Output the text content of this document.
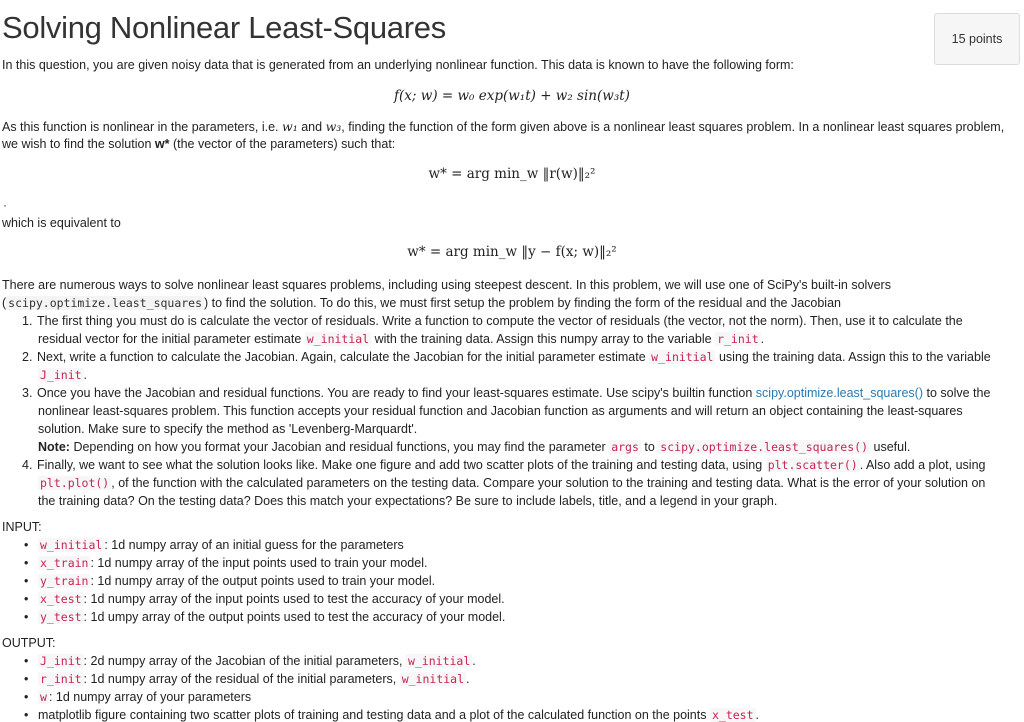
Solving Nonlinear Least-Squares	15 points
In this question, you are given noisy data that is generated from an underlying nonlinear function. This data is known to have the following form:
f(x; w) = w₀ exp(w₁t) + w₂ sin(w₃t)
As this function is nonlinear in the parameters, i.e. w₁ and w₃, finding the function of the form given above is a nonlinear least squares problem. In a nonlinear least squares problem,
we wish to find the solution w* (the vector of the parameters) such that:
w* = arg min_w ‖r(w)‖₂²
·
which is equivalent to
w* = arg min_w ‖y − f(x; w)‖₂²
There are numerous ways to solve nonlinear least squares problems, including using steepest descent. In this problem, we will use one of SciPy's built-in solvers
( scipy.optimize.least_squares ) to find the solution. To do this, we must first setup the problem by finding the form of the residual and the Jacobian
1. The first thing you must do is calculate the vector of residuals. Write a function to compute the vector of residuals (the vector, not the norm). Then, use it to calculate the
residual vector for the initial parameter estimate w_initial with the training data. Assign this numpy array to the variable r_init .
2. Next, write a function to calculate the Jacobian. Again, calculate the Jacobian for the initial parameter estimate w_initial using the training data. Assign this to the variable
J_init .
3. Once you have the Jacobian and residual functions. You are ready to find your least-squares estimate. Use scipy's builtin function scipy.optimize.least_squares() to solve the
nonlinear least-squares problem. This function accepts your residual function and Jacobian function as arguments and will return an object containing the least-squares
solution. Make sure to specify the method as 'Levenberg-Marquardt'.
Note: Depending on how you format your Jacobian and residual functions, you may find the parameter args to scipy.optimize.least_squares() useful.
4. Finally, we want to see what the solution looks like. Make one figure and add two scatter plots of the training and testing data, using plt.scatter() . Also add a plot, using
plt.plot() , of the function with the calculated parameters on the testing data. Compare your solution to the training and testing data. What is the error of your solution on
the training data? On the testing data? Does this match your expectations? Be sure to include labels, title, and a legend in your graph.
INPUT:
• w_initial : 1d numpy array of an initial guess for the parameters
• x_train : 1d numpy array of the input points used to train your model.
• y_train : 1d numpy array of the output points used to train your model.
• x_test : 1d numpy array of the input points used to test the accuracy of your model.
• y_test : 1d umpy array of the output points used to test the accuracy of your model.
OUTPUT:
• J_init : 2d numpy array of the Jacobian of the initial parameters, w_initial .
• r_init : 1d numpy array of the residual of the initial parameters, w_initial .
• w : 1d numpy array of your parameters
• matplotlib figure containing two scatter plots of training and testing data and a plot of the calculated function on the points x_test .
